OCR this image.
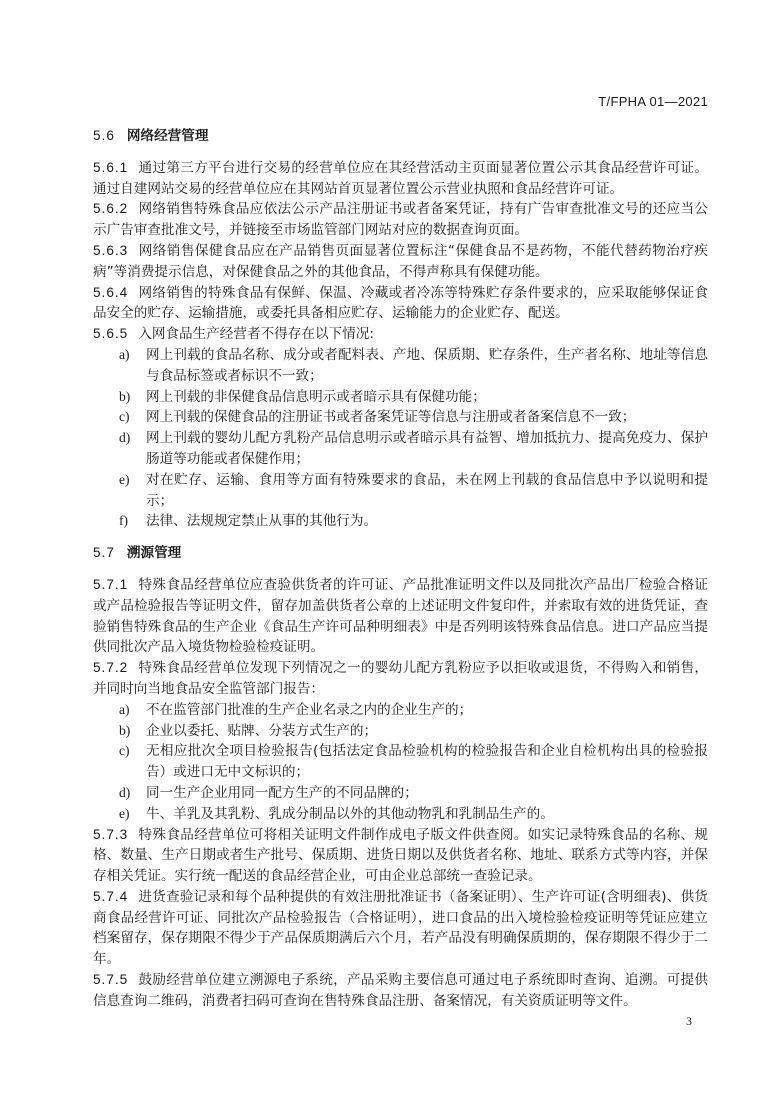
T/FPHA 01—2021
5.6 网络经营管理

5.6.1 通过第三方平台进行交易的经营单位应在其经营活动主页面显著位置公示其食品经营许可证。通过自建网站交易的经营单位应在其网站首页显著位置公示营业执照和食品经营许可证。

5.6.2 网络销售特殊食品应依法公示产品注册证书或者备案凭证，持有广告审查批准文号的还应当公示广告审查批准文号，并链接至市场监管部门网站对应的数据查询页面。

5.6.3 网络销售保健食品应在产品销售页面显著位置标注“保健食品不是药物，不能代替药物治疗疾病”等消费提示信息，对保健食品之外的其他食品，不得声称具有保健功能。

5.6.4 网络销售的特殊食品有保鲜、保温、冷藏或者冷冻等特殊贮存条件要求的，应采取能够保证食品安全的贮存、运输措施，或委托具备相应贮存、运输能力的企业贮存、配送。

5.6.5 入网食品生产经营者不得存在以下情况:

a)	网上刊载的食品名称、成分或者配料表、产地、保质期、贮存条件，生产者名称、地址等信息与食品标签或者标识不一致；
b)	网上刊载的非保健食品信息明示或者暗示具有保健功能；
c)	网上刊载的保健食品的注册证书或者备案凭证等信息与注册或者备案信息不一致；
d)	网上刊载的婴幼儿配方乳粉产品信息明示或者暗示具有益智、增加抵抗力、提高免疫力、保护肠道等功能或者保健作用；
e)	对在贮存、运输、食用等方面有特殊要求的食品，未在网上刊载的食品信息中予以说明和提示；
f)	法律、法规规定禁止从事的其他行为。
5.7 溯源管理

5.7.1 特殊食品经营单位应查验供货者的许可证、产品批准证明文件以及同批次产品出厂检验合格证或产品检验报告等证明文件，留存加盖供货者公章的上述证明文件复印件，并索取有效的进货凭证，查验销售特殊食品的生产企业《食品生产许可品种明细表》中是否列明该特殊食品信息。进口产品应当提供同批次产品入境货物检验检疫证明。

5.7.2 特殊食品经营单位发现下列情况之一的婴幼儿配方乳粉应予以拒收或退货，不得购入和销售，并同时向当地食品安全监管部门报告：

a)	不在监管部门批准的生产企业名录之内的企业生产的；
b)	企业以委托、贴牌、分装方式生产的；
c)	无相应批次全项目检验报告(包括法定食品检验机构的检验报告和企业自检机构出具的检验报告）或进口无中文标识的；
d)	同一生产企业用同一配方生产的不同品牌的；
e)	牛、羊乳及其乳粉、乳成分制品以外的其他动物乳和乳制品生产的。

5.7.3 特殊食品经营单位可将相关证明文件制作成电子版文件供查阅。如实记录特殊食品的名称、规格、数量、生产日期或者生产批号、保质期、进货日期以及供货者名称、地址、联系方式等内容，并保存相关凭证。实行统一配送的食品经营企业，可由企业总部统一查验记录。

5.7.4 进货查验记录和每个品种提供的有效注册批准证书（备案证明）、生产许可证(含明细表)、供货商食品经营许可证、同批次产品检验报告（合格证明），进口食品的出入境检验检疫证明等凭证应建立档案留存，保存期限不得少于产品保质期满后六个月，若产品没有明确保质期的，保存期限不得少于二年。

5.7.5 鼓励经营单位建立溯源电子系统，产品采购主要信息可通过电子系统即时查询、追溯。可提供信息查询二维码，消费者扫码可查询在售特殊食品注册、备案情况，有关资质证明等文件。

3
